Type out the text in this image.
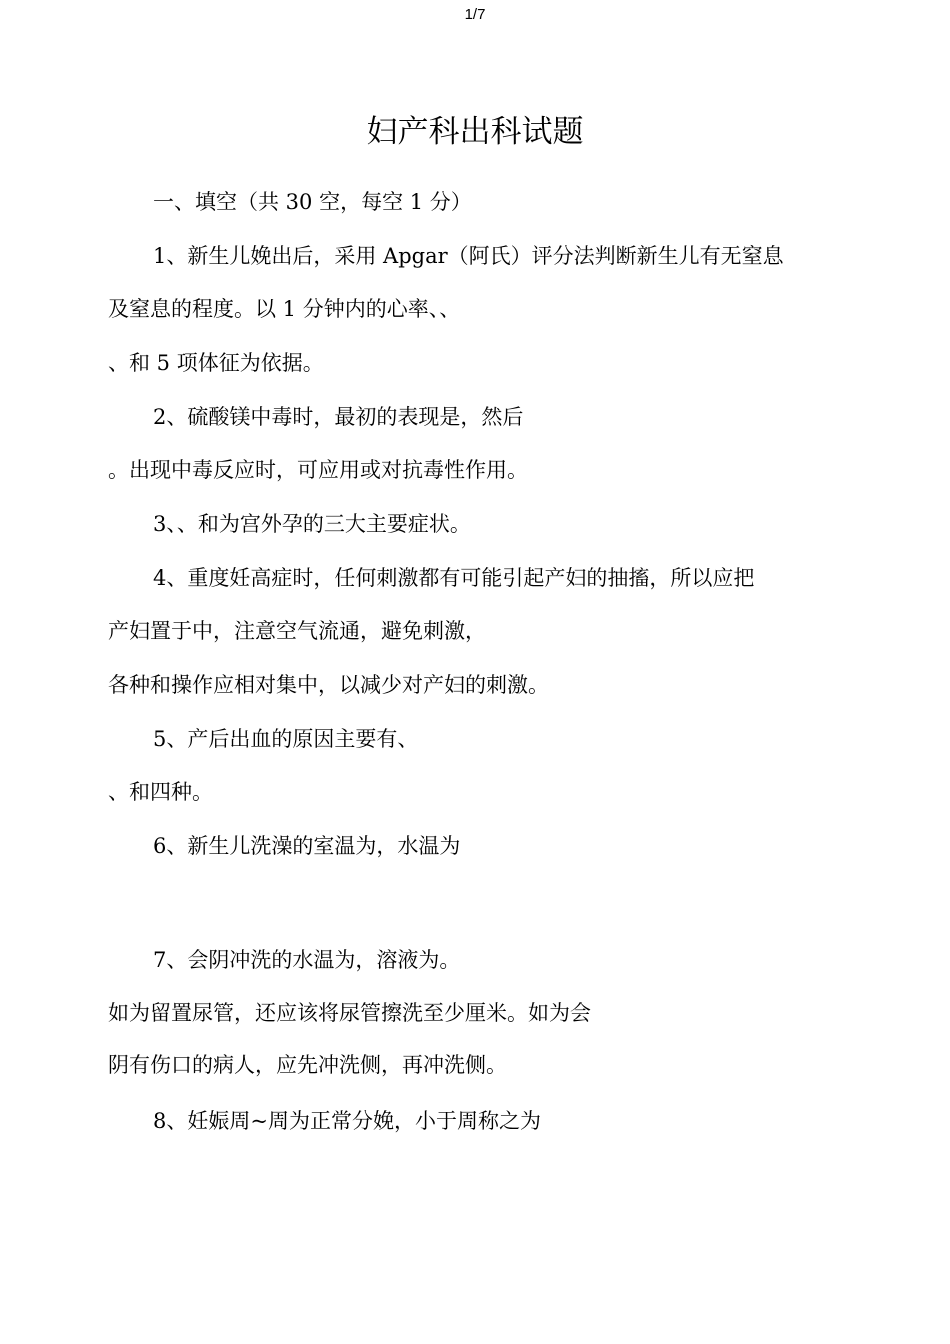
1/7
妇产科出科试题
一、填空（共 30 空，每空 1 分）
1、新生儿娩出后，采用 Apgar（阿氏）评分法判断新生儿有无窒息
及窒息的程度。以 1 分钟内的心率、、
、和 5 项体征为依据。
2、硫酸镁中毒时，最初的表现是，然后
。出现中毒反应时，可应用或对抗毒性作用。
3、、和为宫外孕的三大主要症状。
4、重度妊高症时，任何刺激都有可能引起产妇的抽搐，所以应把
产妇置于中，注意空气流通，避免刺激，
各种和操作应相对集中，以减少对产妇的刺激。
5、产后出血的原因主要有、
、和四种。
6、新生儿洗澡的室温为，水温为
7、会阴冲洗的水温为，溶液为。
如为留置尿管，还应该将尿管擦洗至少厘米。如为会
阴有伤口的病人，应先冲洗侧，再冲洗侧。
8、妊娠周~周为正常分娩，小于周称之为
